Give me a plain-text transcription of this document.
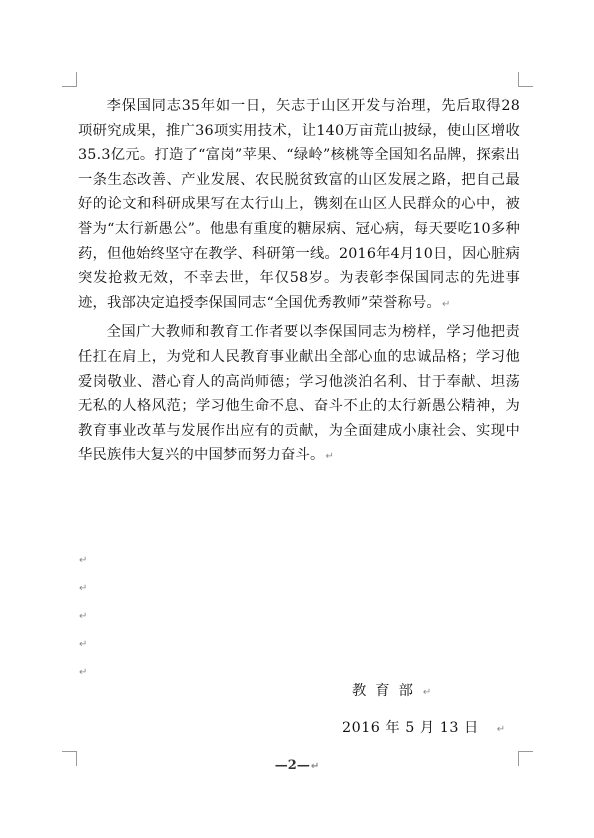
李保国同志35年如一日，矢志于山区开发与治理，先后取得28项研究成果，推广36项实用技术，让140万亩荒山披绿，使山区增收35.3亿元。打造了“富岗”苹果、“绿岭”核桃等全国知名品牌，探索出一条生态改善、产业发展、农民脱贫致富的山区发展之路，把自己最好的论文和科研成果写在太行山上，镌刻在山区人民群众的心中，被誉为“太行新愚公”。他患有重度的糖尿病、冠心病，每天要吃10多种药，但他始终坚守在教学、科研第一线。2016年4月10日，因心脏病突发抢救无效，不幸去世，年仅58岁。为表彰李保国同志的先进事迹，我部决定追授李保国同志“全国优秀教师”荣誉称号。↵

全国广大教师和教育工作者要以李保国同志为榜样，学习他把责任扛在肩上，为党和人民教育事业献出全部心血的忠诚品格；学习他爱岗敬业、潜心育人的高尚师德；学习他淡泊名利、甘于奉献、坦荡无私的人格风范；学习他生命不息、奋斗不止的太行新愚公精神，为教育事业改革与发展作出应有的贡献，为全面建成小康社会、实现中华民族伟大复兴的中国梦而努力奋斗。↵

↵
↵
↵
↵
↵
教育部↵
2016 年 5 月 13 日 ↵
—2—↵
